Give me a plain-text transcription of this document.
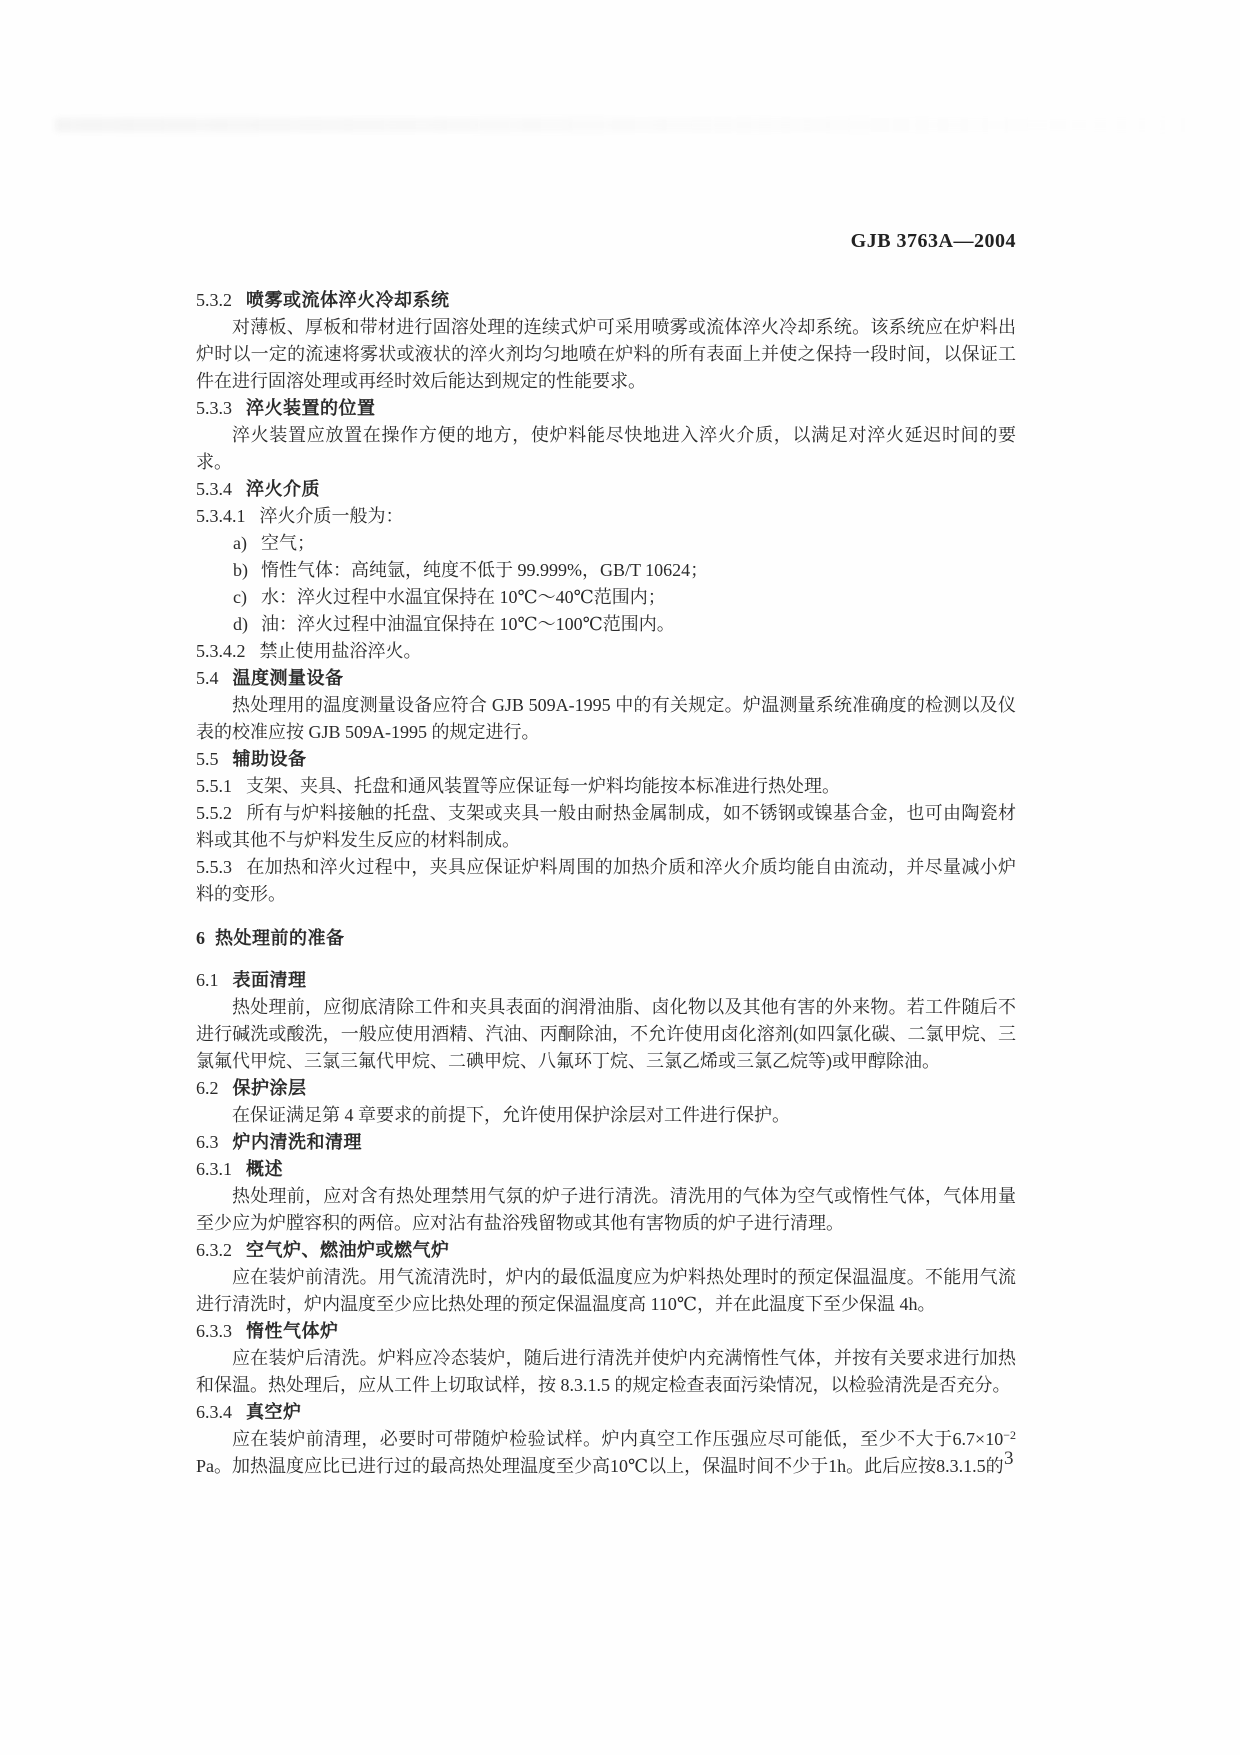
GJB 3763A—2004
5.3.2 喷雾或流体淬火冷却系统
对薄板、厚板和带材进行固溶处理的连续式炉可采用喷雾或流体淬火冷却系统。该系统应在炉料出炉时以一定的流速将雾状或液状的淬火剂均匀地喷在炉料的所有表面上并使之保持一段时间，以保证工件在进行固溶处理或再经时效后能达到规定的性能要求。
5.3.3 淬火装置的位置
淬火装置应放置在操作方便的地方，使炉料能尽快地进入淬火介质，以满足对淬火延迟时间的要求。
5.3.4 淬火介质
5.3.4.1 淬火介质一般为：
a) 空气；
b) 惰性气体：高纯氩，纯度不低于 99.999%，GB/T 10624；
c) 水：淬火过程中水温宜保持在 10℃～40℃范围内；
d) 油：淬火过程中油温宜保持在 10℃～100℃范围内。
5.3.4.2 禁止使用盐浴淬火。
5.4 温度测量设备
热处理用的温度测量设备应符合 GJB 509A-1995 中的有关规定。炉温测量系统准确度的检测以及仪表的校准应按 GJB 509A-1995 的规定进行。
5.5 辅助设备
5.5.1 支架、夹具、托盘和通风装置等应保证每一炉料均能按本标准进行热处理。
5.5.2 所有与炉料接触的托盘、支架或夹具一般由耐热金属制成，如不锈钢或镍基合金，也可由陶瓷材料或其他不与炉料发生反应的材料制成。
5.5.3 在加热和淬火过程中，夹具应保证炉料周围的加热介质和淬火介质均能自由流动，并尽量减小炉料的变形。
6 热处理前的准备
6.1 表面清理
热处理前，应彻底清除工件和夹具表面的润滑油脂、卤化物以及其他有害的外来物。若工件随后不进行碱洗或酸洗，一般应使用酒精、汽油、丙酮除油，不允许使用卤化溶剂(如四氯化碳、二氯甲烷、三氯氟代甲烷、三氯三氟代甲烷、二碘甲烷、八氟环丁烷、三氯乙烯或三氯乙烷等)或甲醇除油。
6.2 保护涂层
在保证满足第 4 章要求的前提下，允许使用保护涂层对工件进行保护。
6.3 炉内清洗和清理
6.3.1 概述
热处理前，应对含有热处理禁用气氛的炉子进行清洗。清洗用的气体为空气或惰性气体，气体用量至少应为炉膛容积的两倍。应对沾有盐浴残留物或其他有害物质的炉子进行清理。
6.3.2 空气炉、燃油炉或燃气炉
应在装炉前清洗。用气流清洗时，炉内的最低温度应为炉料热处理时的预定保温温度。不能用气流进行清洗时，炉内温度至少应比热处理的预定保温温度高 110℃，并在此温度下至少保温 4h。
6.3.3 惰性气体炉
应在装炉后清洗。炉料应冷态装炉，随后进行清洗并使炉内充满惰性气体，并按有关要求进行加热和保温。热处理后，应从工件上切取试样，按 8.3.1.5 的规定检查表面污染情况，以检验清洗是否充分。
6.3.4 真空炉
应在装炉前清理，必要时可带随炉检验试样。炉内真空工作压强应尽可能低，至少不大于$6.7\times 10^{-2}$ Pa。加热温度应比已进行过的最高热处理温度至少高10℃以上，保温时间不少于1h。此后应按8.3.1.5的 3
